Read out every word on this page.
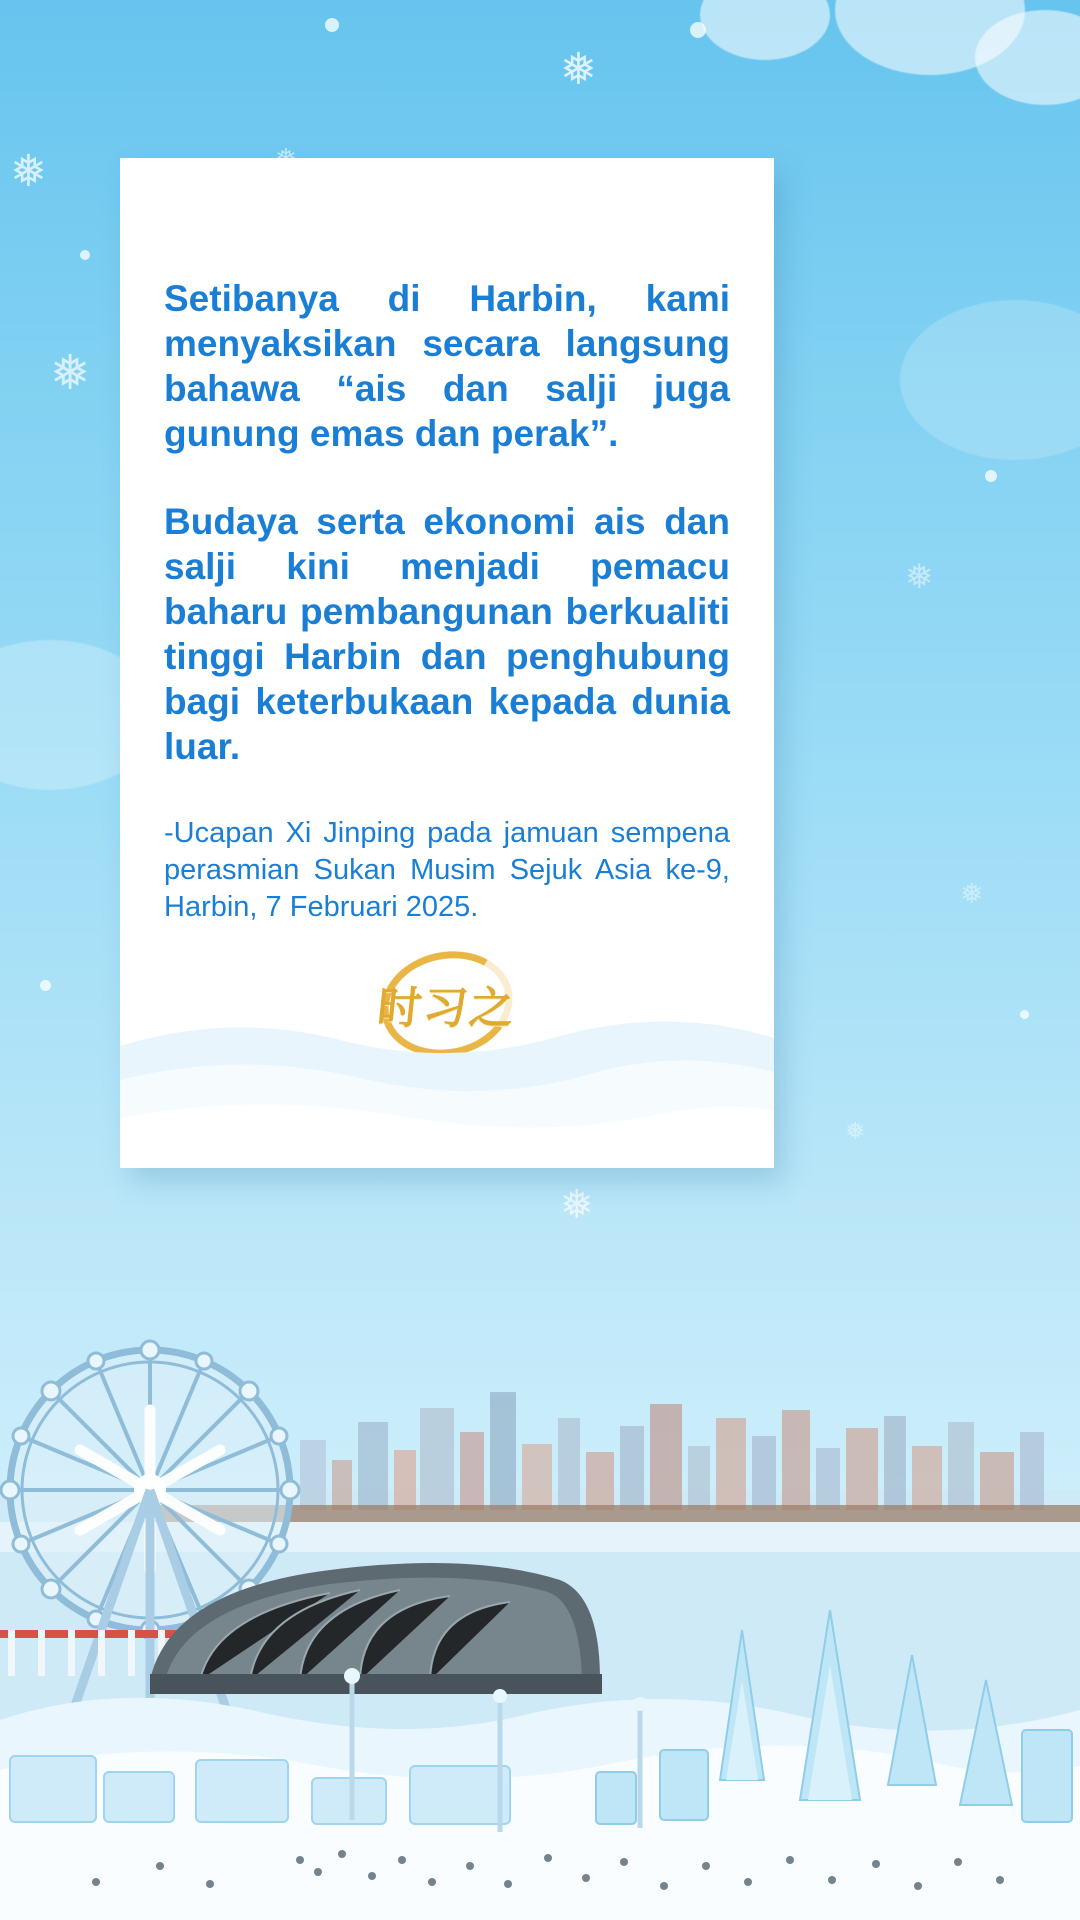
❅
❅
❅
❅
❅
❅
❅

Setibanya di Harbin, kami menyaksikan secara langsung bahawa “ais dan salji juga gunung emas dan perak”.

Budaya serta ekonomi ais dan salji kini menjadi pemacu baharu pembangunan berkualiti tinggi Harbin dan penghubung bagi keterbukaan kepada dunia luar.

-Ucapan Xi Jinping pada jamuan sempena perasmian Sukan Musim Sejuk Asia ke-9, Harbin, 7 Februari 2025.

时习之
